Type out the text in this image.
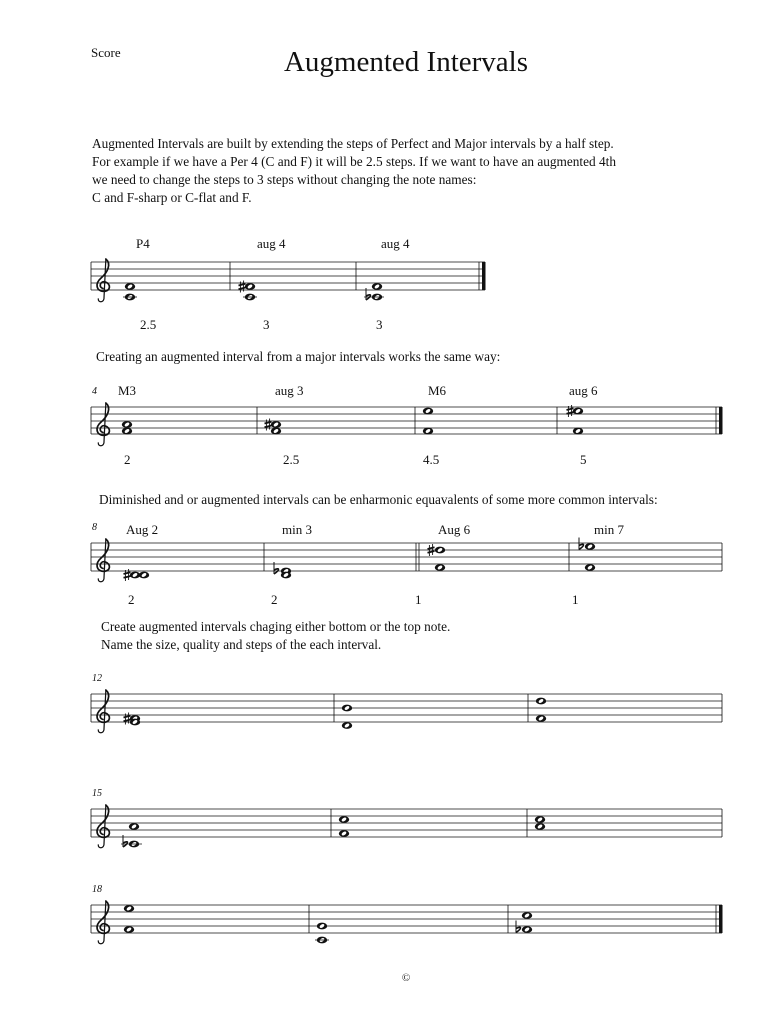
Score	Augmented Intervals
Augmented Intervals are built by extending the steps of Perfect and Major intervals by a half step.
For example if we have a Per 4 (C and F) it will be 2.5 steps. If we want to have an augmented 4th
we need to change the steps to 3 steps without changing the note names:
C and F-sharp or C-flat and F.
Creating an augmented interval from a major intervals works the same way:
Diminished and or augmented intervals can be enharmonic equavalents of some more common intervals:
Create augmented intervals chaging either bottom or the top note.
Name the size, quality and steps of the each interval.
P4	aug 4	aug 4
2.5	3	3
4 M3	aug 3	M6	aug 6
2	2.5	4.5	5
8 Aug 2	min 3	Aug 6	min 7
2	2	1	1
12
15
18
©
